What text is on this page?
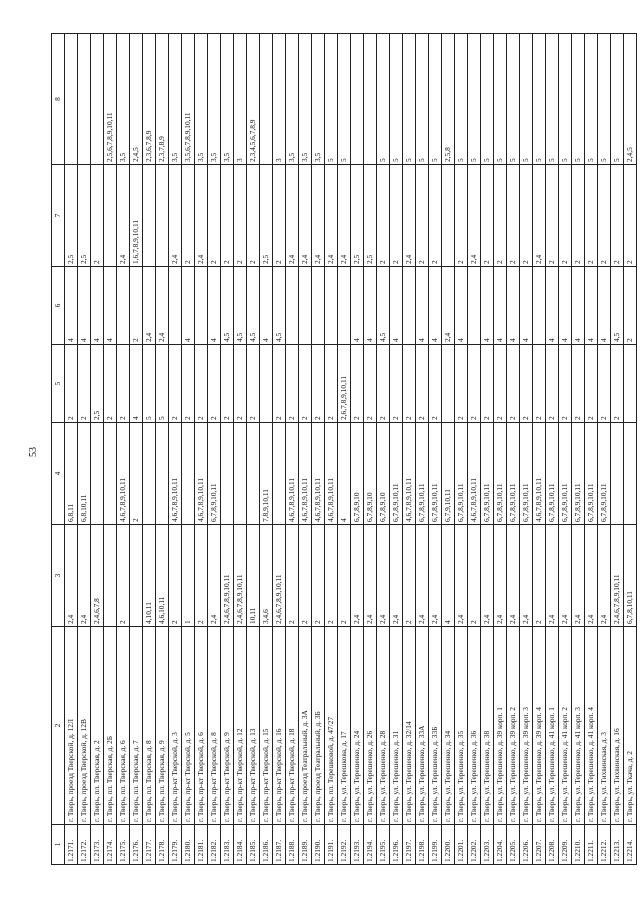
53
1	2	3	4	5	6	7	8
1.2171.	г. Тверь, проезд Тверской, д. 12Л	2,4	6,8,11	2	4	2,5	
1.2172.	г. Тверь, проезд Тверской, д. 12В	2,4	6,8,10,11	2	4	2,5	
1.2173.	г. Тверь, пл. Тверская, д. 2	2,4,6,7,8		2,5	4	2	
1.2174.	г. Тверь, пл. Тверская, д. 2Б			2	4		2,5,6,7,8,9,10,11
1.2175.	г. Тверь, пл. Тверская, д. 6	2	4,6,7,8,9,10,11	2		2,4	3,5
1.2176.	г. Тверь, пл. Тверская, д. 7		2	4	2	1,6,7,8,9,10,11	2,4,5
1.2177.	г. Тверь, пл. Тверская, д. 8	4,10,11		5	2,4		2,3,6,7,8,9
1.2178.	г. Тверь, пл. Тверская, д. 9	4,6,10,11		5	2,4		2,3,7,8,9
1.2179.	г. Тверь, пр-кт Тверской, д. 3	2	4,6,7,8,9,10,11	2		2,4	3,5
1.2180.	г. Тверь, пр-кт Тверской, д. 5	1		2	4	2	3,5,6,7,8,9,10,11
1.2181.	г. Тверь, пр-кт Тверской, д. 6	2	4,6,7,8,9,10,11	2		2,4	3,5
1.2182.	г. Тверь, пр-кт Тверской, д. 8	2,4	6,7,8,9,10,11	2	4	2	3,5
1.2183.	г. Тверь, пр-кт Тверской, д. 9	2,4,6,7,8,9,10,11		2	4,5	2	3,5
1.2184.	г. Тверь, пр-кт Тверской, д. 12	2,4,6,7,8,9,10,11		2	4,5	2	3
1.2185.	г. Тверь, пр-кт Тверской, д. 13	10,11		2	4,5	2	2,3,4,5,6,7,8,9
1.2186.	г. Тверь, пр-кт Тверской, д. 15	3,4,6	7,8,9,10,11		4	2,5	
1.2187.	г. Тверь, пр-кт Тверской, д. 16	2,4,6,7,8,9,10,11		2	4,5	2	3
1.2188.	г. Тверь, пр-кт Тверской, д. 18	2	4,6,7,8,9,10,11	2		2,4	3,5
1.2189.	г. Тверь, проезд Театральный, д. 3А	2	4,6,7,8,9,10,11	2		2,4	3,5
1.2190.	г. Тверь, проезд Театральный, д. 3Б	2	4,6,7,8,9,10,11	2		2,4	3,5
1.2191.	г. Тверь, пл. Терешковой, д. 47/27	2	4,6,7,8,9,10,11	2		2,4	5
1.2192.	г. Тверь, ул. Терешкова, д. 17	2	4	2,6,7,8,9,10,11		2,4	5
1.2193.	г. Тверь, ул. Терешенко, д. 24	2,4	6,7,8,9,10	2	4	2,5	
1.2194.	г. Тверь, ул. Терешенко, д. 26	2,4	6,7,8,9,10	2	4	2,5	
1.2195.	г. Тверь, ул. Терешенко, д. 28	2,4	6,7,8,9,10	2	4,5	2	5
1.2196.	г. Тверь, ул. Терешенко, д. 31	2,4	6,7,8,9,10,11	2	4	2	5
1.2197.	г. Тверь, ул. Терешенко, д. 32/14	2	4,6,7,8,9,10,11	2		2,4	5
1.2198.	г. Тверь, ул. Терешенко, д. 33А	2,4	6,7,8,9,10,11	2	4	2	5
1.2199.	г. Тверь, ул. Терешенко, д. 33Б	2,4	6,7,8,9,10,11	2	4	2	5
1.2200.	г. Тверь, ул. Терешенко, д. 34	4	6,7,9,10,11		2,4		2,5,8
1.2201.	г. Тверь, ул. Терешенко, д. 35	2,4	6,7,8,9,10,11	2	4	2	5
1.2202.	г. Тверь, ул. Терешенко, д. 36	2	4,6,7,8,9,10,11	2		2,4	5
1.2203.	г. Тверь, ул. Терешенко, д. 38	2,4	6,7,8,9,10,11	2	4	2	5
1.2204.	г. Тверь, ул. Терешенко, д. 39 корп. 1	2,4	6,7,8,9,10,11	2	4	2	5
1.2205.	г. Тверь, ул. Терешенко, д. 39 корп. 2	2,4	6,7,8,9,10,11	2	4	2	5
1.2206.	г. Тверь, ул. Терешенко, д. 39 корп. 3	2,4	6,7,8,9,10,11	2	4	2	5
1.2207.	г. Тверь, ул. Терешенко, д. 39 корп. 4	2	4,6,7,8,9,10,11	2		2,4	5
1.2208.	г. Тверь, ул. Терешенко, д. 41 корп. 1	2,4	6,7,8,9,10,11	2	4	2	5
1.2209.	г. Тверь, ул. Терешенко, д. 41 корп. 2	2,4	6,7,8,9,10,11	2	4	2	5
1.2210.	г. Тверь, ул. Терешенко, д. 41 корп. 3	2,4	6,7,8,9,10,11	2	4	2	5
1.2211.	г. Тверь, ул. Терешенко, д. 41 корп. 4	2,4	6,7,8,9,10,11	2	4	2	5
1.2212.	г. Тверь, ул. Тихвинская, д. 3	2,4	6,7,8,9,10,11	2	4	2	5
1.2213.	г. Тверь, ул. Тихвинская, д. 16	2,4,6,7,8,9,10,11		2	4,5	2	5
1.2214.	г. Тверь, ул. Ткача, д. 2	6,7,8,10,11			2	2	2,4,5
